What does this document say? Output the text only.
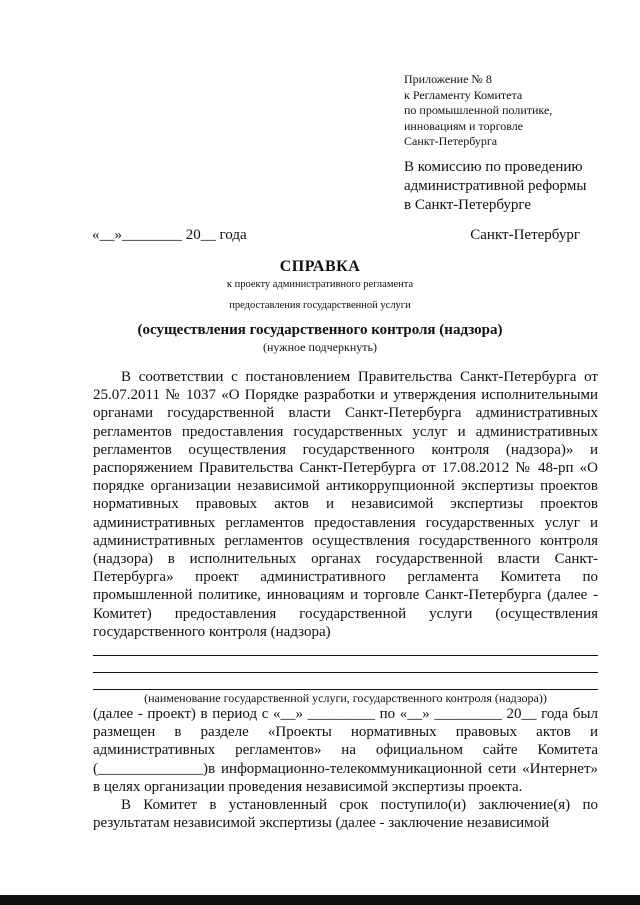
Приложение № 8
к Регламенту Комитета
по промышленной политике,
инновациям и торговле
Санкт-Петербурга
В комиссию по проведению
административной реформы
в Санкт-Петербурге
«__»________ 20__ года	Санкт-Петербург
СПРАВКА
к проекту административного регламента
предоставления государственной услуги
(осуществления государственного контроля (надзора)
(нужное подчеркнуть)

В соответствии с постановлением Правительства Санкт-Петербурга от 25.07.2011 № 1037 «О Порядке разработки и утверждения исполнительными органами государственной власти Санкт-Петербурга административных регламентов предоставления государственных услуг и административных регламентов осуществления государственного контроля (надзора)» и распоряжением Правительства Санкт-Петербурга от 17.08.2012 № 48-рп «О порядке организации независимой антикоррупционной экспертизы проектов нормативных правовых актов и независимой экспертизы проектов административных регламентов предоставления государственных услуг и административных регламентов осуществления государственного контроля (надзора) в исполнительных органах государственной власти Санкт-Петербурга» проект административного регламента Комитета по промышленной политике, инновациям и торговле Санкт-Петербурга (далее - Комитет) предоставления государственной услуги (осуществления государственного контроля (надзора)

(наименование государственной услуги, государственного контроля (надзора))

(далее - проект) в период с «__» _________ по «__» _________ 20__ года был размещен в разделе «Проекты нормативных правовых актов и административных регламентов» на официальном сайте Комитета (______________)в информационно-телекоммуникационной сети «Интернет» в целях организации проведения независимой экспертизы проекта.

В Комитет в установленный срок поступило(и) заключение(я) по результатам независимой экспертизы (далее - заключение независимой
